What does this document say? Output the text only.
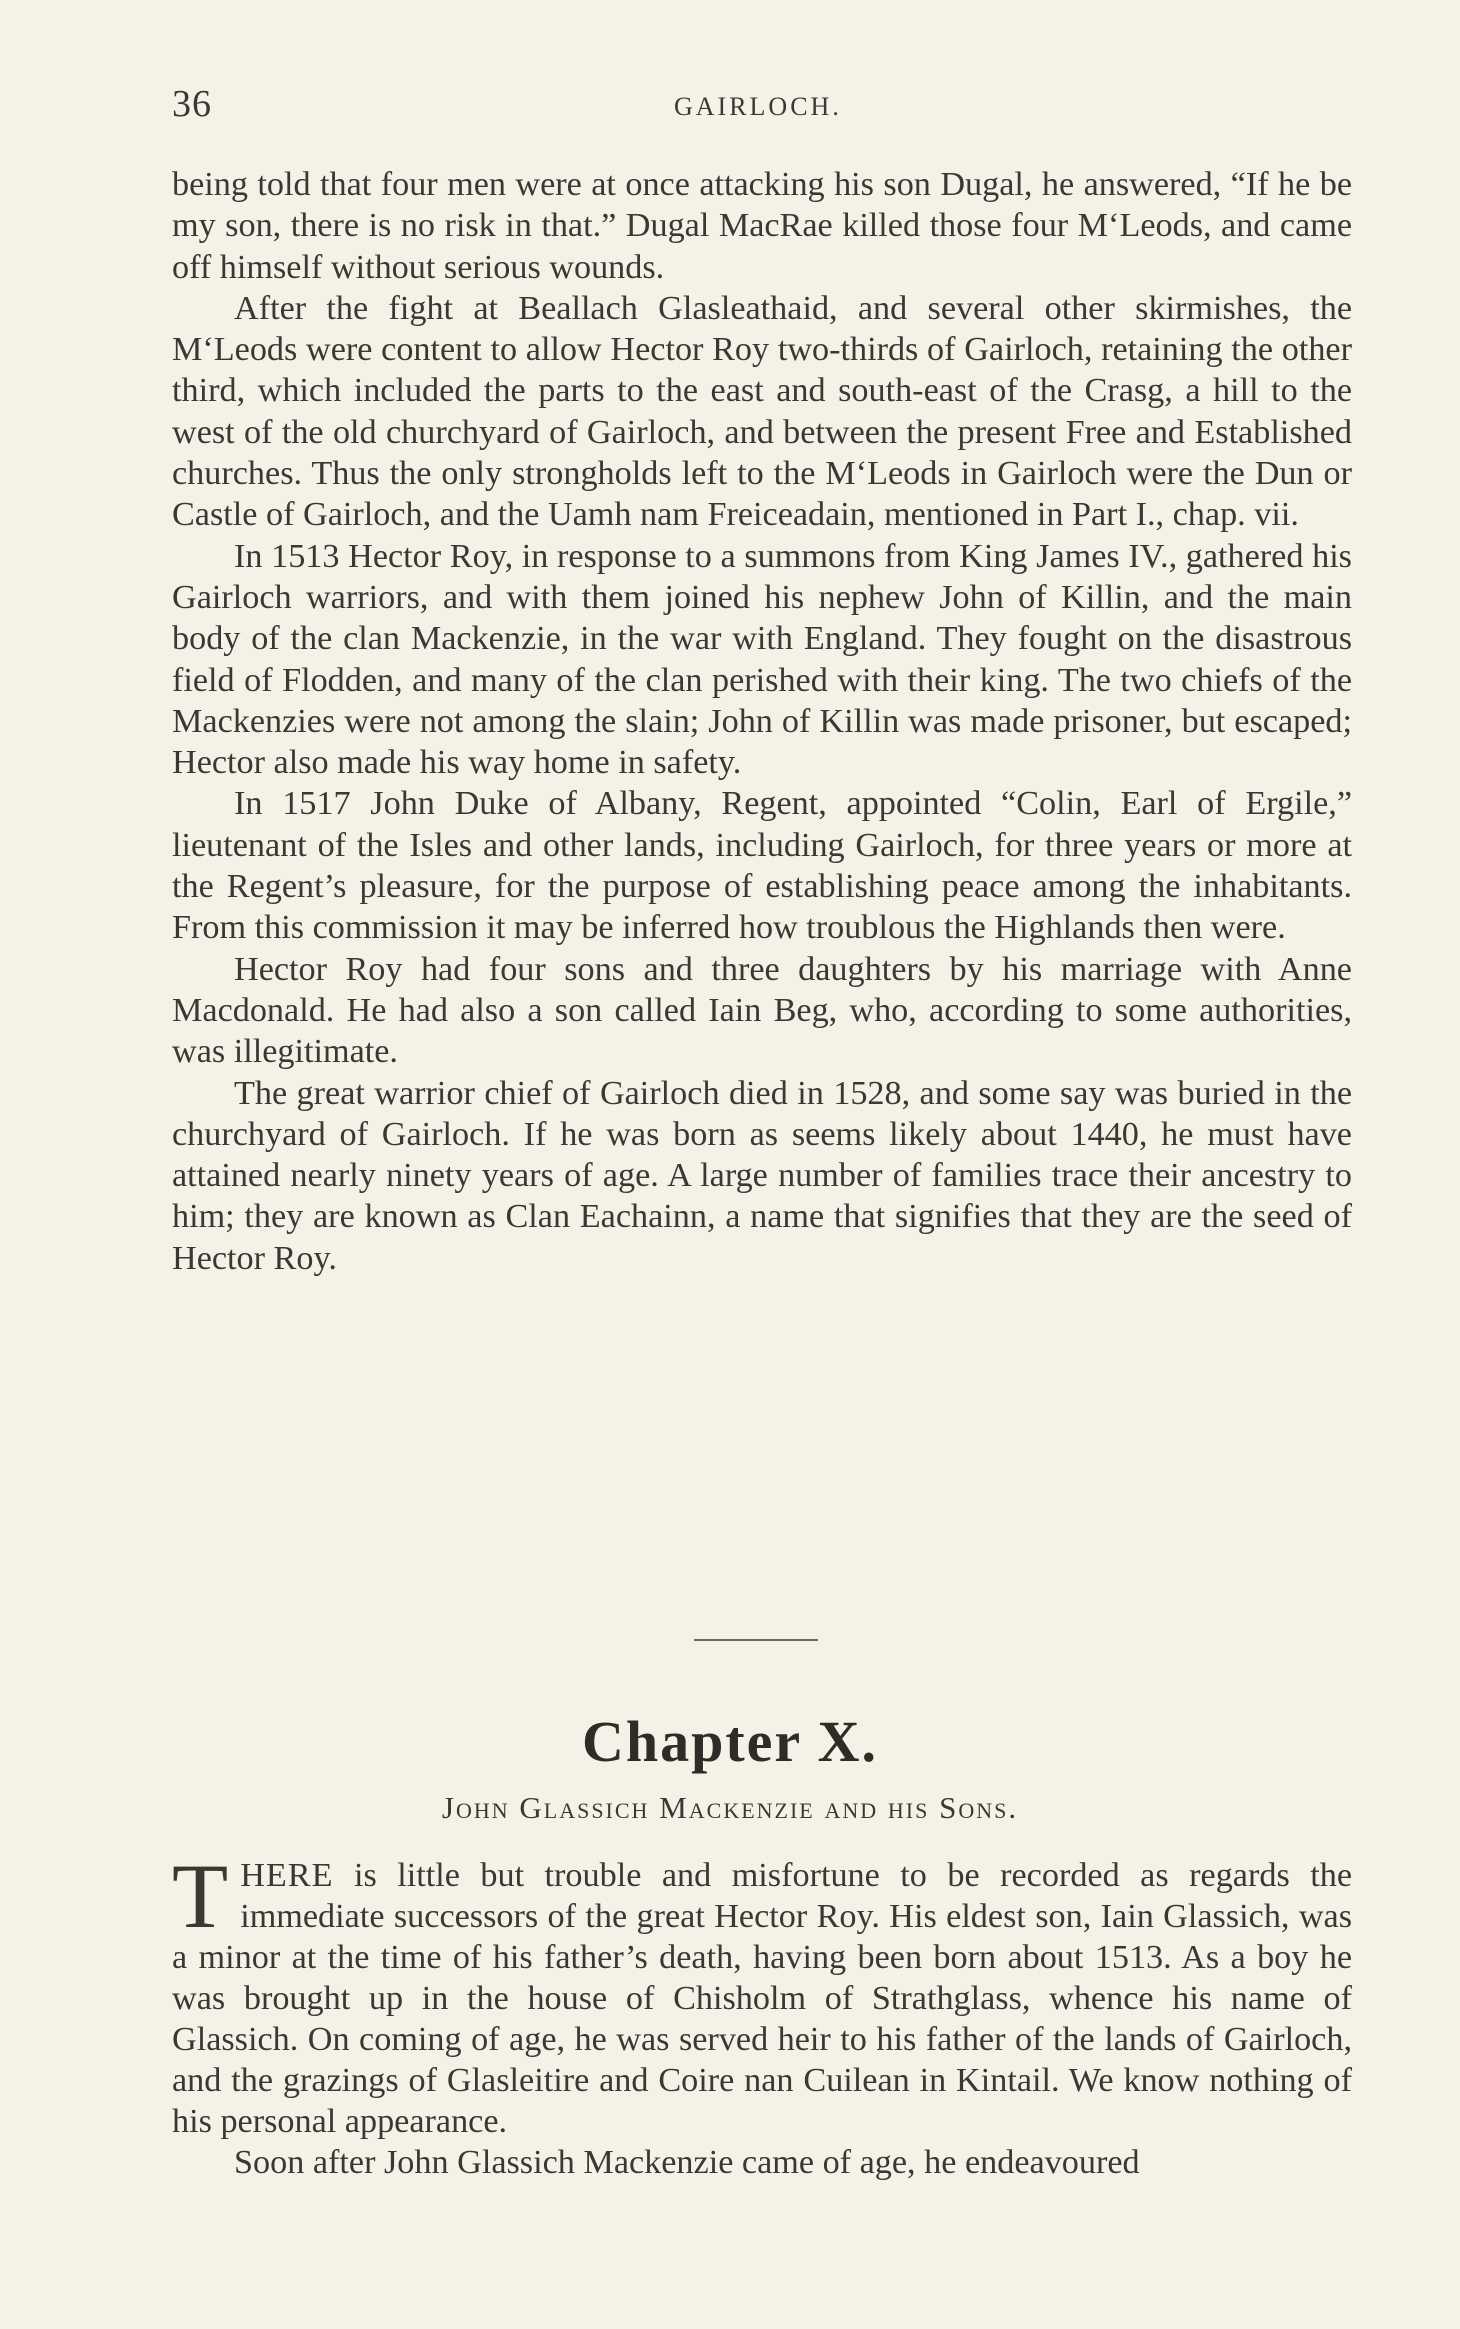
36	GAIRLOCH.

being told that four men were at once attacking his son Dugal, he answered, “If he be my son, there is no risk in that.” Dugal MacRae killed those four M‘Leods, and came off himself without serious wounds.

After the fight at Beallach Glasleathaid, and several other skirmishes, the M‘Leods were content to allow Hector Roy two-thirds of Gairloch, retaining the other third, which included the parts to the east and south-east of the Crasg, a hill to the west of the old churchyard of Gairloch, and between the present Free and Established churches. Thus the only strongholds left to the M‘Leods in Gairloch were the Dun or Castle of Gairloch, and the Uamh nam Freiceadain, mentioned in Part I., chap. vii.

In 1513 Hector Roy, in response to a summons from King James IV., gathered his Gairloch warriors, and with them joined his nephew John of Killin, and the main body of the clan Mackenzie, in the war with England. They fought on the disastrous field of Flodden, and many of the clan perished with their king. The two chiefs of the Mackenzies were not among the slain; John of Killin was made prisoner, but escaped; Hector also made his way home in safety.

In 1517 John Duke of Albany, Regent, appointed “Colin, Earl of Ergile,” lieutenant of the Isles and other lands, including Gairloch, for three years or more at the Regent’s pleasure, for the purpose of establishing peace among the inhabitants. From this commission it may be inferred how troublous the Highlands then were.

Hector Roy had four sons and three daughters by his marriage with Anne Macdonald. He had also a son called Iain Beg, who, according to some authorities, was illegitimate.

The great warrior chief of Gairloch died in 1528, and some say was buried in the churchyard of Gairloch. If he was born as seems likely about 1440, he must have attained nearly ninety years of age. A large number of families trace their ancestry to him; they are known as Clan Eachainn, a name that signifies that they are the seed of Hector Roy.

Chapter X.
John Glassich Mackenzie and his Sons.

THERE is little but trouble and misfortune to be recorded as regards the immediate successors of the great Hector Roy. His eldest son, Iain Glassich, was a minor at the time of his father’s death, having been born about 1513. As a boy he was brought up in the house of Chisholm of Strathglass, whence his name of Glassich. On coming of age, he was served heir to his father of the lands of Gairloch, and the grazings of Glasleitire and Coire nan Cuilean in Kintail. We know nothing of his personal appearance.

Soon after John Glassich Mackenzie came of age, he endeavoured
